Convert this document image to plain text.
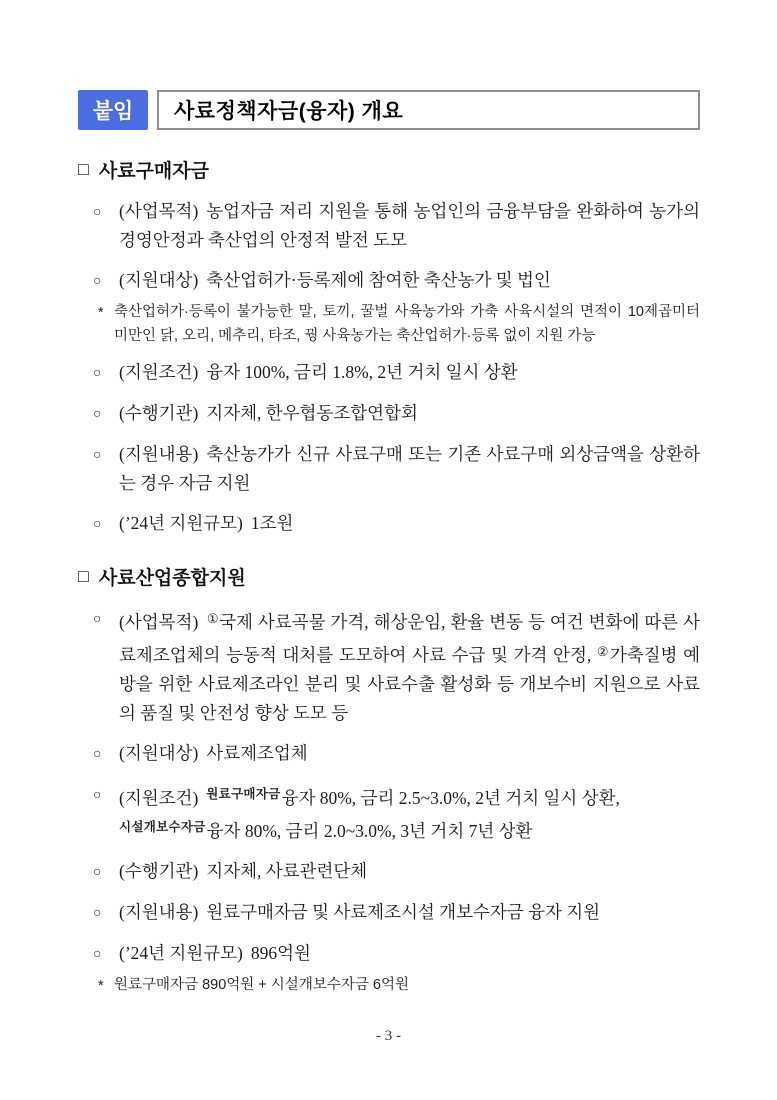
붙임 사료정책자금(융자) 개요
□ 사료구매자금
○	(사업목적) 농업자금 저리 지원을 통해 농업인의 금융부담을 완화하여 농가의 경영안정과 축산업의 안정적 발전 도모

○	(지원대상) 축산업허가·등록제에 참여한 축산농가 및 법인

* 축산업허가·등록이 불가능한 말, 토끼, 꿀벌 사육농가와 가축 사육시설의 면적이 10제곱미터 미만인 닭, 오리, 메추리, 타조, 꿩 사육농가는 축산업허가·등록 없이 지원 가능
○	(지원조건) 융자 100%, 금리 1.8%, 2년 거치 일시 상환

○	(수행기관) 지자체, 한우협동조합연합회

○	(지원내용) 축산농가가 신규 사료구매 또는 기존 사료구매 외상금액을 상환하는 경우 자금 지원

○	(’24년 지원규모) 1조원

□ 사료산업종합지원
○	(사업목적) ①국제 사료곡물 가격, 해상운임, 환율 변동 등 여건 변화에 따른 사료제조업체의 능동적 대처를 도모하여 사료 수급 및 가격 안정, ②가축질병 예방을 위한 사료제조라인 분리 및 사료수출 활성화 등 개보수비 지원으로 사료의 품질 및 안전성 향상 도모 등

○	(지원대상) 사료제조업체

○	(지원조건) $^{원료구매자금}$융자 80%, 금리 2.5~3.0%, 2년 거치 일시 상환,
$^{시설개보수자금}$융자 80%, 금리 2.0~3.0%, 3년 거치 7년 상환

○	(수행기관) 지자체, 사료관련단체

○	(지원내용) 원료구매자금 및 사료제조시설 개보수자금 융자 지원

○	(’24년 지원규모) 896억원

* 원료구매자금 890억원 + 시설개보수자금 6억원
- 3 -
